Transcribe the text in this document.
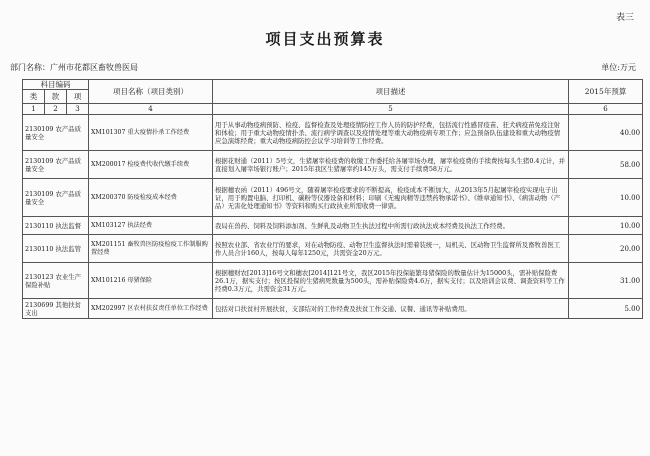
表三
项目支出预算表
部门名称：广州市花都区畜牧兽医局	单位:万元
科目编码			项目名称（项目类别）	项目描述	2015年预算
类	款	项			
1	2	3	4	5	6
2130109 农产品质量安全			XM101307 重大疫情扑杀工作经费	用于从事动物疫病预防、检疫、监督检查及处理疫情防控工作人员的防护经费，包括流行性感冒疫苗、狂犬病疫苗免疫注射和体检；用于重大动物疫情扑杀、流行病学调查以及疫情处理等重大动物疫病专项工作；应急预备队伍建设和重大动物疫情应急演练经费；重大动物疫病防控会议学习培训等工作经费。	40.00
2130109 农产品质量安全			XM200017 检疫费代收代缴手续费	根据花财通（2011）5号文，生猪屠宰检疫费的收缴工作委托给各屠宰场办理，屠宰检疫费的手续费按每头生猪0.4元计，并直接划入屠宰场银行账户；2015年我区生猪屠宰约145万头，需支付手续费58万元。	58.00
2130109 农产品质量安全			XM200370 防疫检疫成本经费	根据穗农函（2011）496号文，随着屠宰检疫要求的不断提高，检疫成本不断加大，从2013年5月起屠宰检疫实现电子出证，用于购置电脑、打印机、碳粉等仪器设备和材料；印刷《无瘦肉精等违禁药物承诺书》、《维章通知书》、《病害动物（产品）无害化处理通知书》等资料和购买行政执业所需收费一律票。	10.00
2130110 执法监督			XM103127 执法经费	我局在兽药、饲料及饲料添加剂、生鲜乳及动物卫生执法过程中所需行政执法成本经费及执法工作经费。	10.00
2130110 执法监管			XM201151 畜牧兽医防疫检疫工作制服购置经费	按照农业部、省农业厅的要求，对在动物防疫、动物卫生监督执法时需着装统一，局机关、区动物卫生监督所及畜牧兽医工作人员合计160人，按每人每年1250元，共需资金20万元。	20.00
2130123 农业生产保险补贴			XM101216 母猪保险	根据穗财农[2013]16号文和穗农[2014]121号文，我区2015年投保能繁母猪保险的数量估计为15000头，需补贴保险费26.1万，据实支付；按区投保的生猪病死数量为500头，需补贴保险费4.6万，据实支付；以及培训会议费、调查资料等工作经费0.3万元，共需资金31万元。	31.00
2130699 其他扶贫支出			XM202997 区农村扶贫责任单位工作经费	包括对口扶贫村开展扶贫，支部结对的工作经费及扶贫工作交通、议餐、通讯等补贴费用。	5.00
